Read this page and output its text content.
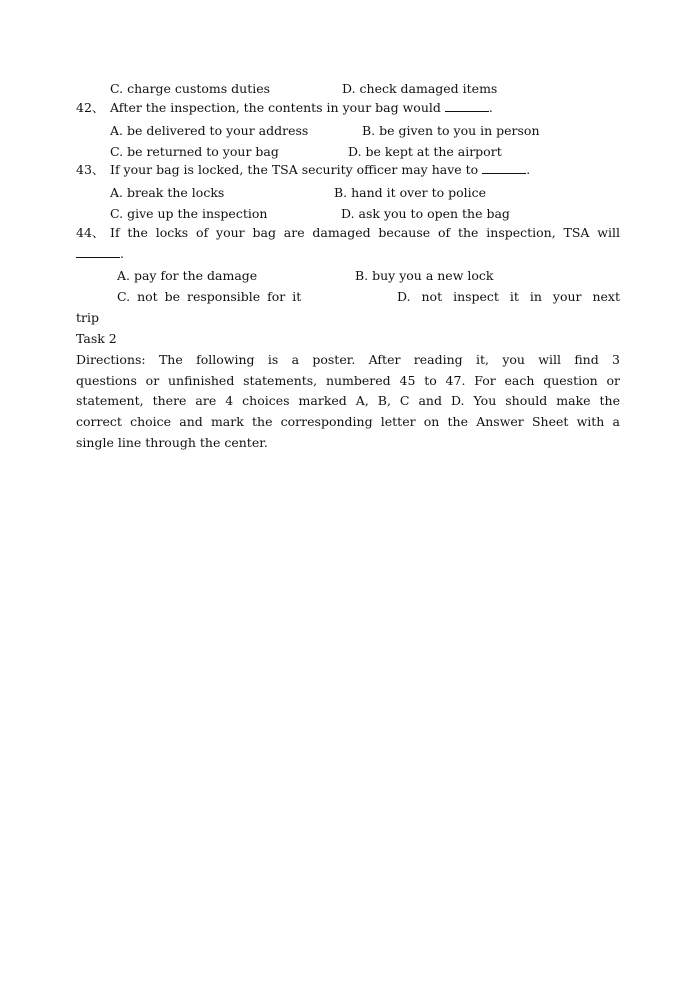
C. charge customs duties	D. check damaged items
42、 After the inspection, the contents in your bag would	.
A. be delivered to your address	B. be given to you in person
C. be returned to your bag	D. be kept at the airport
43、 If your bag is locked, the TSA security officer may have to	.
A. break the locks	B. hand it over to police
C. give up the inspection	D. ask you to open the bag
44、 If the locks of your bag are damaged because of the inspection, TSA will
.
A. pay for the damage	B. buy you a new lock
C. not be responsible for it	D. not inspect it in your next
trip
Task 2
Directions: The following is a poster. After reading it, you will find 3
questions or unfinished statements, numbered 45 to 47. For each question or
statement, there are 4 choices marked A, B, C and D. You should make the
correct choice and mark the corresponding letter on the Answer Sheet with a
single line through the center.
